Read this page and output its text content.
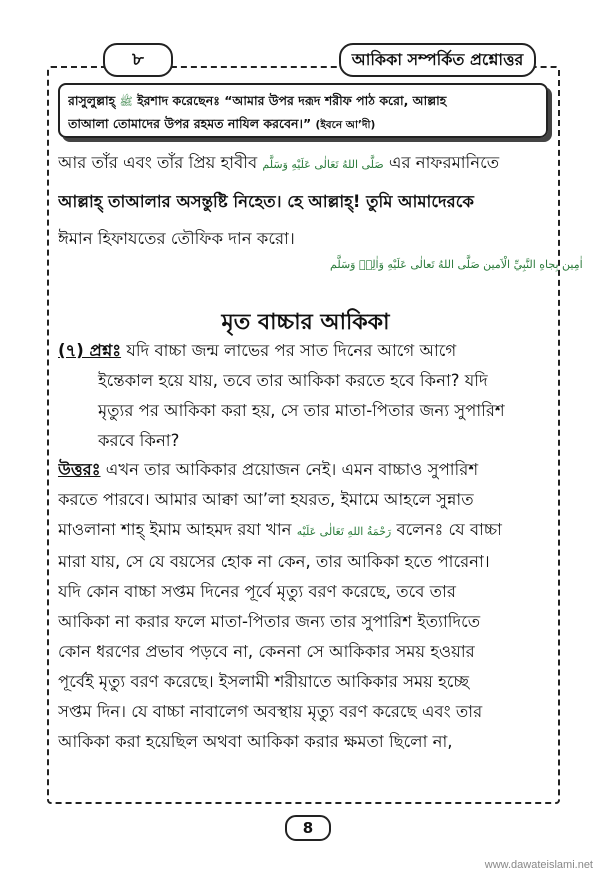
৮	আকিকা সম্পর্কিত প্রশ্নোত্তর
রাসুলুল্লাহ্ ﷺ ইরশাদ করেছেনঃ “আমার উপর দরূদ শরীফ পাঠ করো, আল্লাহ
তাআলা তোমাদের উপর রহমত নাযিল করবেন।” (ইবনে আ’দী)
আর তাঁর এবং তাঁর প্রিয় হাবীব صَلَّى اللهُ تَعَالٰى عَلَيْهِ وَسَلَّم এর নাফরমানিতে
আল্লাহ্ তাআলার অসন্তুষ্টি নিহেত। হে আল্লাহ্! তুমি আমাদেরকে
ঈমান হিফাযতের তৌফিক দান করো।
اٰمِين بِجاهِ النَّبِيِّ الْاَمين صَلَّى اللهُ تَعالٰى عَلَيْهِ وَاٰلِهٖ وَسَلَّم
মৃত বাচ্চার আকিকা
(৭) প্রশ্নঃ যদি বাচ্চা জন্ম লাভের পর সাত দিনের আগে আগে
ইন্তেকাল হয়ে যায়, তবে তার আকিকা করতে হবে কিনা? যদি
মৃত্যুর পর আকিকা করা হয়, সে তার মাতা-পিতার জন্য সুপারিশ
করবে কিনা?
উত্তরঃ এখন তার আকিকার প্রয়োজন নেই। এমন বাচ্চাও সুপারিশ
করতে পারবে। আমার আক্বা আ’লা হযরত, ইমামে আহলে সুন্নাত
মাওলানা শাহ্ ইমাম আহমদ রযা খান رَحْمَةُ اللهِ تَعَالٰى عَلَيْه বলেনঃ যে বাচ্চা
মারা যায়, সে যে বয়সের হোক না কেন, তার আকিকা হতে পারেনা।
যদি কোন বাচ্চা সপ্তম দিনের পূর্বে মৃত্যু বরণ করেছে, তবে তার
আকিকা না করার ফলে মাতা-পিতার জন্য তার সুপারিশ ইত্যাদিতে
কোন ধরণের প্রভাব পড়বে না, কেননা সে আকিকার সময় হওয়ার
পূর্বেই মৃত্যু বরণ করেছে। ইসলামী শরীয়াতে আকিকার সময় হচ্ছে
সপ্তম দিন। যে বাচ্চা নাবালেগ অবস্থায় মৃত্যু বরণ করেছে এবং তার
আকিকা করা হয়েছিল অথবা আকিকা করার ক্ষমতা ছিলো না,
8
www.dawateislami.net
